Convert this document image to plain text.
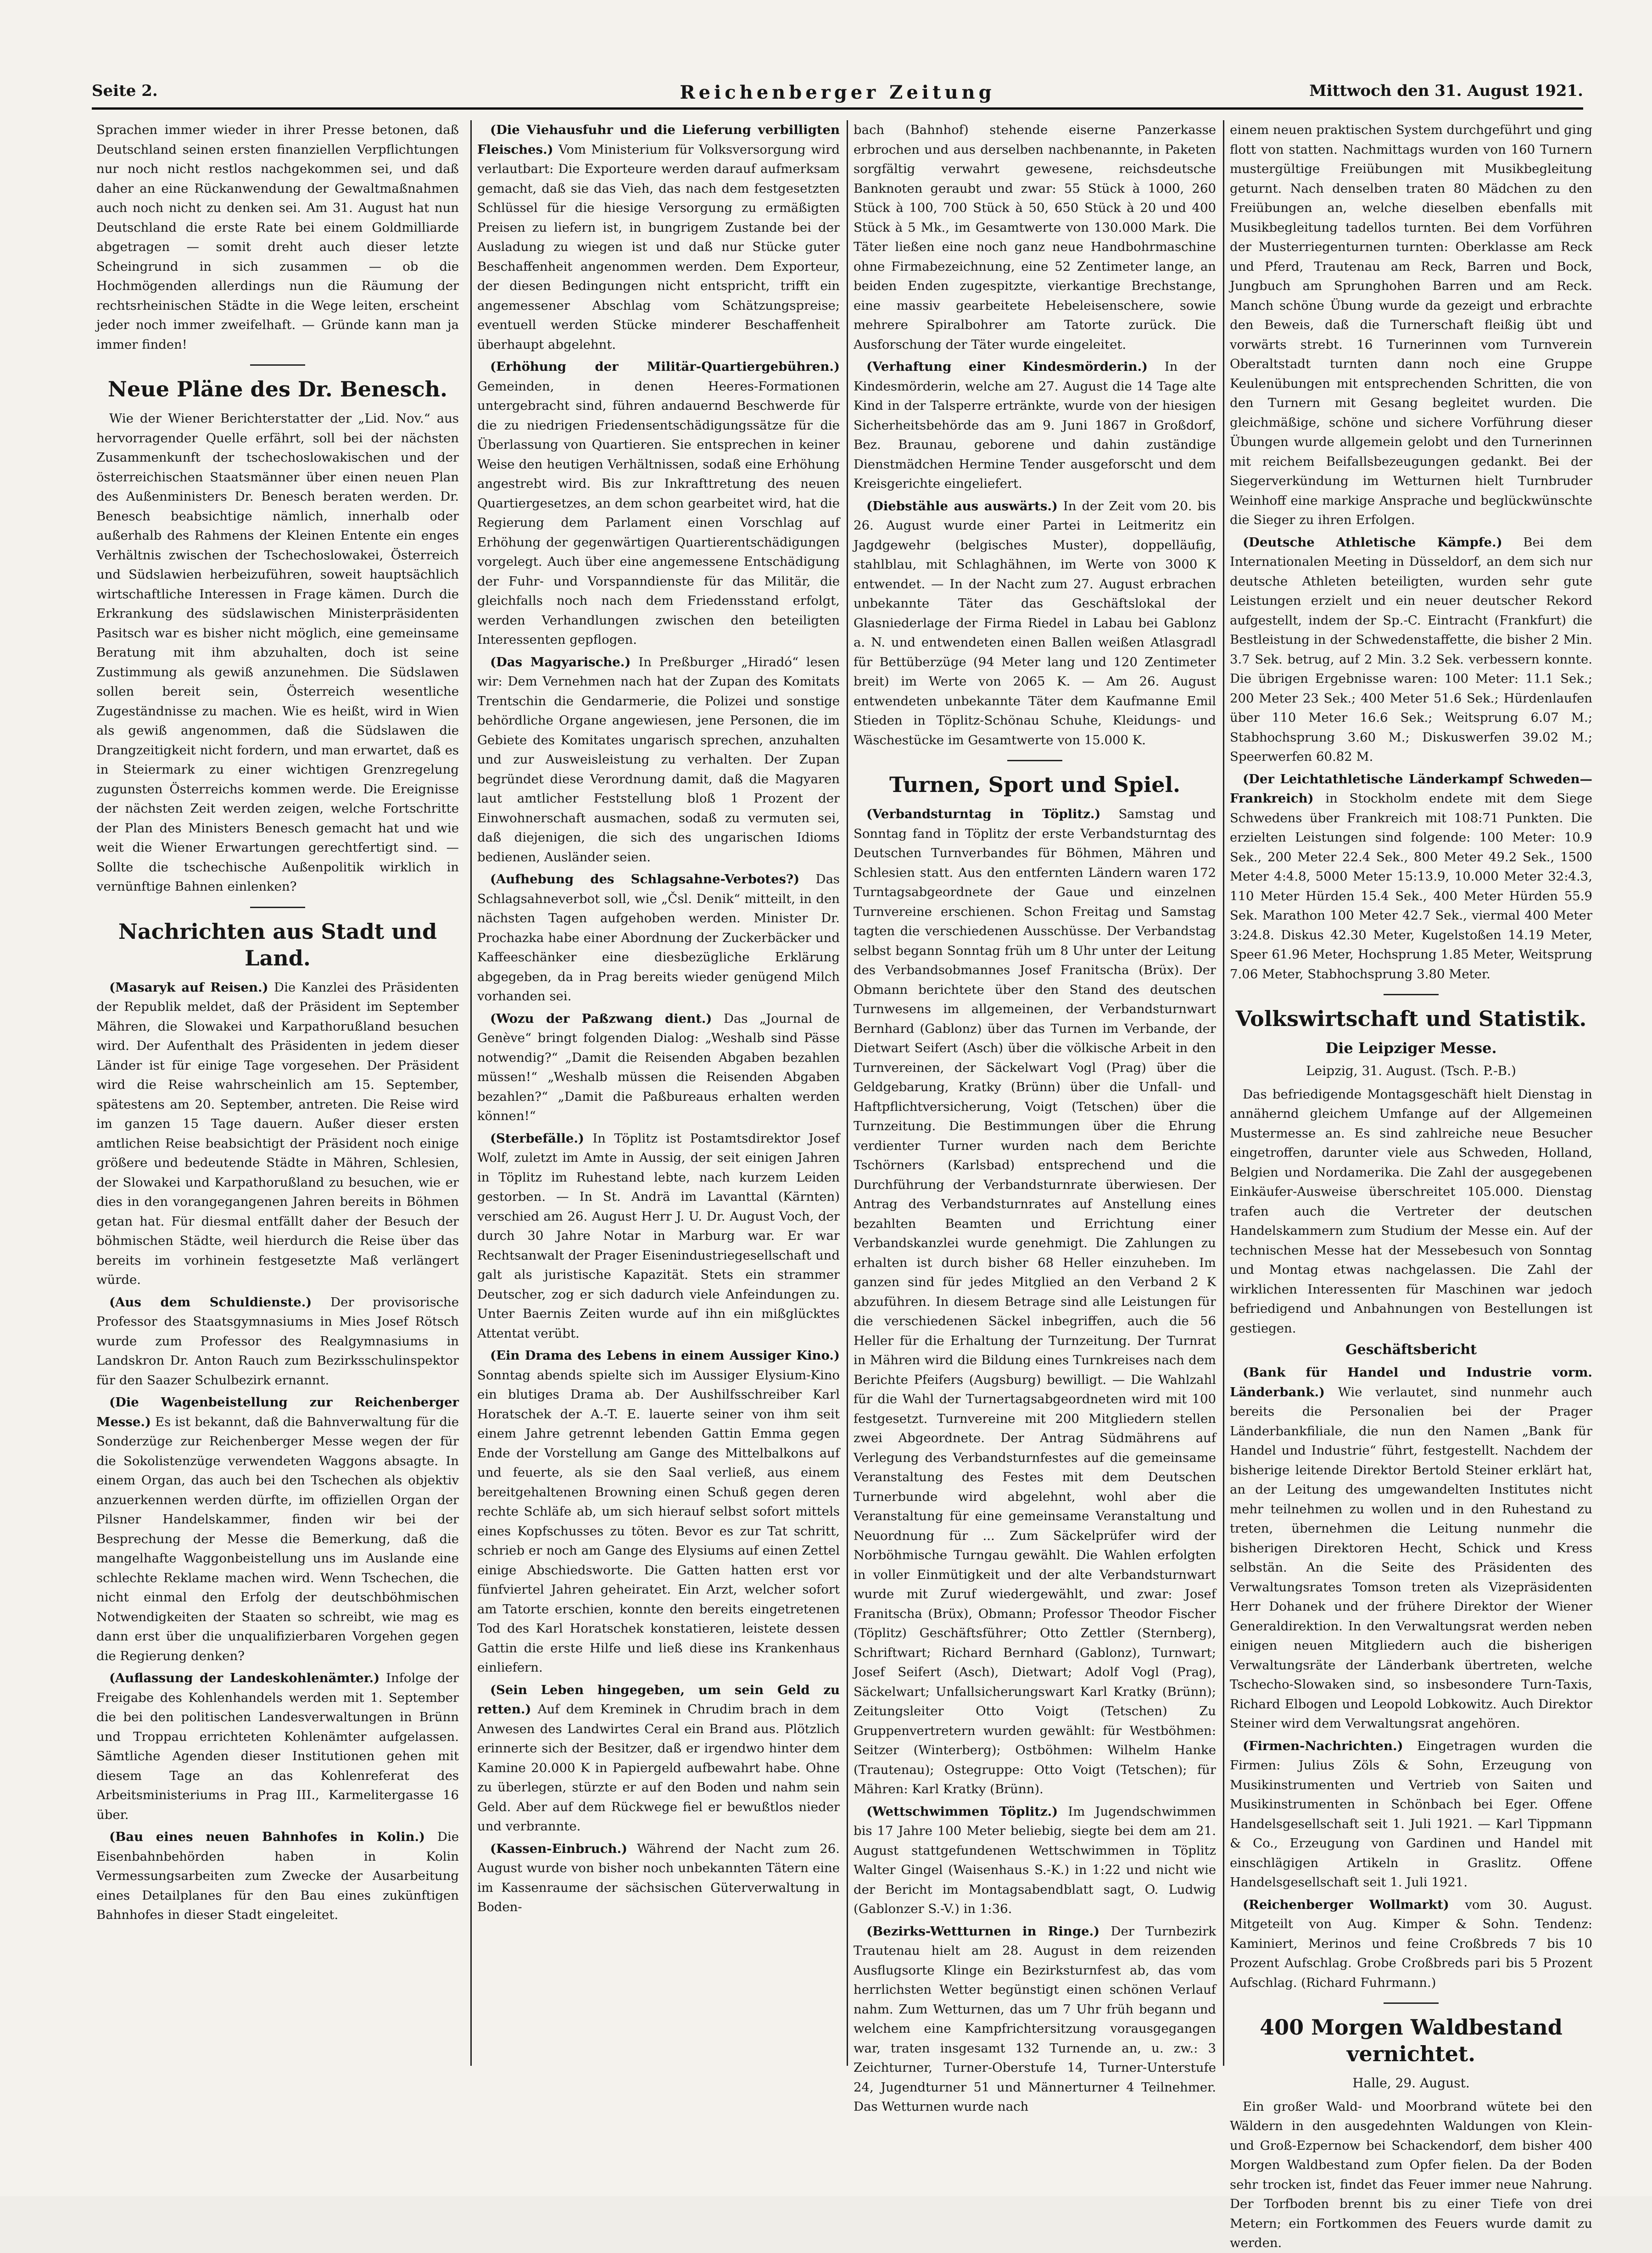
Seite 2.	Reichenberger Zeitung	Mittwoch den 31. August 1921.

Sprachen immer wieder in ihrer Presse betonen, daß Deutschland seinen ersten finanziellen Verpflichtungen nur noch nicht restlos nachgekommen sei, und daß daher an eine Rückanwendung der Gewaltmaßnahmen auch noch nicht zu denken sei. Am 31. August hat nun Deutschland die erste Rate bei einem Goldmilliarde abgetragen — somit dreht auch dieser letzte Scheingrund in sich zusammen — ob die Hochmögenden allerdings nun die Räumung der rechtsrheinischen Städte in die Wege leiten, erscheint jeder noch immer zweifelhaft. — Gründe kann man ja immer finden!

Neue Pläne des Dr. Benesch.

Wie der Wiener Berichterstatter der „Lid. Nov.“ aus hervorragender Quelle erfährt, soll bei der nächsten Zusammenkunft der tschechoslowakischen und der österreichischen Staatsmänner über einen neuen Plan des Außenministers Dr. Benesch beraten werden. Dr. Benesch beabsichtige nämlich, innerhalb oder außerhalb des Rahmens der Kleinen Entente ein enges Verhältnis zwischen der Tschechoslowakei, Österreich und Südslawien herbeizuführen, soweit hauptsächlich wirtschaftliche Interessen in Frage kämen. Durch die Erkrankung des südslawischen Ministerpräsidenten Pasitsch war es bisher nicht möglich, eine gemeinsame Beratung mit ihm abzuhalten, doch ist seine Zustimmung als gewiß anzunehmen. Die Südslawen sollen bereit sein, Österreich wesentliche Zugeständnisse zu machen. Wie es heißt, wird in Wien als gewiß angenommen, daß die Südslawen die Drangzeitigkeit nicht fordern, und man erwartet, daß es in Steiermark zu einer wichtigen Grenzregelung zugunsten Österreichs kommen werde. Die Ereignisse der nächsten Zeit werden zeigen, welche Fortschritte der Plan des Ministers Benesch gemacht hat und wie weit die Wiener Erwartungen gerechtfertigt sind. — Sollte die tschechische Außenpolitik wirklich in vernünftige Bahnen einlenken?

Nachrichten aus Stadt und Land.

(Masaryk auf Reisen.) Die Kanzlei des Präsidenten der Republik meldet, daß der Präsident im September Mähren, die Slowakei und Karpathorußland besuchen wird. Der Aufenthalt des Präsidenten in jedem dieser Länder ist für einige Tage vorgesehen. Der Präsident wird die Reise wahrscheinlich am 15. September, spätestens am 20. September, antreten. Die Reise wird im ganzen 15 Tage dauern. Außer dieser ersten amtlichen Reise beabsichtigt der Präsident noch einige größere und bedeutende Städte in Mähren, Schlesien, der Slowakei und Karpathorußland zu besuchen, wie er dies in den vorangegangenen Jahren bereits in Böhmen getan hat. Für diesmal entfällt daher der Besuch der böhmischen Städte, weil hierdurch die Reise über das bereits im vorhinein festgesetzte Maß verlängert würde.

(Aus dem Schuldienste.) Der provisorische Professor des Staatsgymnasiums in Mies Josef Rötsch wurde zum Professor des Realgymnasiums in Landskron Dr. Anton Rauch zum Bezirksschulinspektor für den Saazer Schulbezirk ernannt.

(Die Wagenbeistellung zur Reichenberger Messe.) Es ist bekannt, daß die Bahnverwaltung für die Sonderzüge zur Reichenberger Messe wegen der für die Sokolistenzüge verwendeten Waggons absagte. In einem Organ, das auch bei den Tschechen als objektiv anzuerkennen werden dürfte, im offiziellen Organ der Pilsner Handelskammer, finden wir bei der Besprechung der Messe die Bemerkung, daß die mangelhafte Waggonbeistellung uns im Auslande eine schlechte Reklame machen wird. Wenn Tschechen, die nicht einmal den Erfolg der deutschböhmischen Notwendigkeiten der Staaten so schreibt, wie mag es dann erst über die unqualifizierbaren Vorgehen gegen die Regierung denken?

(Auflassung der Landeskohlenämter.) Infolge der Freigabe des Kohlenhandels werden mit 1. September die bei den politischen Landesverwaltungen in Brünn und Troppau errichteten Kohlenämter aufgelassen. Sämtliche Agenden dieser Institutionen gehen mit diesem Tage an das Kohlenreferat des Arbeitsministeriums in Prag III., Karmelitergasse 16 über.

(Bau eines neuen Bahnhofes in Kolin.) Die Eisenbahnbehörden haben in Kolin Vermessungsarbeiten zum Zwecke der Ausarbeitung eines Detailplanes für den Bau eines zukünftigen Bahnhofes in dieser Stadt eingeleitet.

(Die Viehausfuhr und die Lieferung verbilligten Fleisches.) Vom Ministerium für Volksversorgung wird verlautbart: Die Exporteure werden darauf aufmerksam gemacht, daß sie das Vieh, das nach dem festgesetzten Schlüssel für die hiesige Versorgung zu ermäßigten Preisen zu liefern ist, in bungrigem Zustande bei der Ausladung zu wiegen ist und daß nur Stücke guter Beschaffenheit angenommen werden. Dem Exporteur, der diesen Bedingungen nicht entspricht, trifft ein angemessener Abschlag vom Schätzungspreise; eventuell werden Stücke minderer Beschaffenheit überhaupt abgelehnt.

(Erhöhung der Militär-Quartiergebühren.) Gemeinden, in denen Heeres-Formationen untergebracht sind, führen andauernd Beschwerde für die zu niedrigen Friedensentschädigungssätze für die Überlassung von Quartieren. Sie entsprechen in keiner Weise den heutigen Verhältnissen, sodaß eine Erhöhung angestrebt wird. Bis zur Inkrafttretung des neuen Quartiergesetzes, an dem schon gearbeitet wird, hat die Regierung dem Parlament einen Vorschlag auf Erhöhung der gegenwärtigen Quartierentschädigungen vorgelegt. Auch über eine angemessene Entschädigung der Fuhr- und Vorspanndienste für das Militär, die gleichfalls noch nach dem Friedensstand erfolgt, werden Verhandlungen zwischen den beteiligten Interessenten gepflogen.

(Das Magyarische.) In Preßburger „Hiradó“ lesen wir: Dem Vernehmen nach hat der Zupan des Komitats Trentschin die Gendarmerie, die Polizei und sonstige behördliche Organe angewiesen, jene Personen, die im Gebiete des Komitates ungarisch sprechen, anzuhalten und zur Ausweisleistung zu verhalten. Der Zupan begründet diese Verordnung damit, daß die Magyaren laut amtlicher Feststellung bloß 1 Prozent der Einwohnerschaft ausmachen, sodaß zu vermuten sei, daß diejenigen, die sich des ungarischen Idioms bedienen, Ausländer seien.

(Aufhebung des Schlagsahne-Verbotes?) Das Schlagsahneverbot soll, wie „Čsl. Denik“ mitteilt, in den nächsten Tagen aufgehoben werden. Minister Dr. Prochazka habe einer Abordnung der Zuckerbäcker und Kaffeeschänker eine diesbezügliche Erklärung abgegeben, da in Prag bereits wieder genügend Milch vorhanden sei.

(Wozu der Paßzwang dient.) Das „Journal de Genève“ bringt folgenden Dialog: „Weshalb sind Pässe notwendig?“ „Damit die Reisenden Abgaben bezahlen müssen!“ „Weshalb müssen die Reisenden Abgaben bezahlen?“ „Damit die Paßbureaus erhalten werden können!“

(Sterbefälle.) In Töplitz ist Postamtsdirektor Josef Wolf, zuletzt im Amte in Aussig, der seit einigen Jahren in Töplitz im Ruhestand lebte, nach kurzem Leiden gestorben. — In St. Andrä im Lavanttal (Kärnten) verschied am 26. August Herr J. U. Dr. August Voch, der durch 30 Jahre Notar in Marburg war. Er war Rechtsanwalt der Prager Eisenindustriegesellschaft und galt als juristische Kapazität. Stets ein strammer Deutscher, zog er sich dadurch viele Anfeindungen zu. Unter Baernis Zeiten wurde auf ihn ein mißglücktes Attentat verübt.

(Ein Drama des Lebens in einem Aussiger Kino.) Sonntag abends spielte sich im Aussiger Elysium-Kino ein blutiges Drama ab. Der Aushilfsschreiber Karl Horatschek der A.-T. E. lauerte seiner von ihm seit einem Jahre getrennt lebenden Gattin Emma gegen Ende der Vorstellung am Gange des Mittelbalkons auf und feuerte, als sie den Saal verließ, aus einem bereitgehaltenen Browning einen Schuß gegen deren rechte Schläfe ab, um sich hierauf selbst sofort mittels eines Kopfschusses zu töten. Bevor es zur Tat schritt, schrieb er noch am Gange des Elysiums auf einen Zettel einige Abschiedsworte. Die Gatten hatten erst vor fünfviertel Jahren geheiratet. Ein Arzt, welcher sofort am Tatorte erschien, konnte den bereits eingetretenen Tod des Karl Horatschek konstatieren, leistete dessen Gattin die erste Hilfe und ließ diese ins Krankenhaus einliefern.

(Sein Leben hingegeben, um sein Geld zu retten.) Auf dem Kreminek in Chrudim brach in dem Anwesen des Landwirtes Ceral ein Brand aus. Plötzlich erinnerte sich der Besitzer, daß er irgendwo hinter dem Kamine 20.000 K in Papiergeld aufbewahrt habe. Ohne zu überlegen, stürzte er auf den Boden und nahm sein Geld. Aber auf dem Rückwege fiel er bewußtlos nieder und verbrannte.

(Kassen-Einbruch.) Während der Nacht zum 26. August wurde von bisher noch unbekannten Tätern eine im Kassenraume der sächsischen Güterverwaltung in Boden-

bach (Bahnhof) stehende eiserne Panzerkasse erbrochen und aus derselben nachbenannte, in Paketen sorgfältig verwahrt gewesene, reichsdeutsche Banknoten geraubt und zwar: 55 Stück à 1000, 260 Stück à 100, 700 Stück à 50, 650 Stück à 20 und 400 Stück à 5 Mk., im Gesamtwerte von 130.000 Mark. Die Täter ließen eine noch ganz neue Handbohrmaschine ohne Firmabezeichnung, eine 52 Zentimeter lange, an beiden Enden zugespitzte, vierkantige Brechstange, eine massiv gearbeitete Hebeleisenschere, sowie mehrere Spiralbohrer am Tatorte zurück. Die Ausforschung der Täter wurde eingeleitet.

(Verhaftung einer Kindesmörderin.) In der Kindesmörderin, welche am 27. August die 14 Tage alte Kind in der Talsperre ertränkte, wurde von der hiesigen Sicherheitsbehörde das am 9. Juni 1867 in Großdorf, Bez. Braunau, geborene und dahin zuständige Dienstmädchen Hermine Tender ausgeforscht und dem Kreisgerichte eingeliefert.

(Diebstähle aus auswärts.) In der Zeit vom 20. bis 26. August wurde einer Partei in Leitmeritz ein Jagdgewehr (belgisches Muster), doppelläufig, stahlblau, mit Schlaghähnen, im Werte von 3000 K entwendet. — In der Nacht zum 27. August erbrachen unbekannte Täter das Geschäftslokal der Glasniederlage der Firma Riedel in Labau bei Gablonz a. N. und entwendeten einen Ballen weißen Atlasgradl für Bettüberzüge (94 Meter lang und 120 Zentimeter breit) im Werte von 2065 K. — Am 26. August entwendeten unbekannte Täter dem Kaufmanne Emil Stieden in Töplitz-Schönau Schuhe, Kleidungs- und Wäschestücke im Gesamtwerte von 15.000 K.

Turnen, Sport und Spiel.

(Verbandsturntag in Töplitz.) Samstag und Sonntag fand in Töplitz der erste Verbandsturntag des Deutschen Turnverbandes für Böhmen, Mähren und Schlesien statt. Aus den entfernten Ländern waren 172 Turntagsabgeordnete der Gaue und einzelnen Turnvereine erschienen. Schon Freitag und Samstag tagten die verschiedenen Ausschüsse. Der Verbandstag selbst begann Sonntag früh um 8 Uhr unter der Leitung des Verbandsobmannes Josef Franitscha (Brüx). Der Obmann berichtete über den Stand des deutschen Turnwesens im allgemeinen, der Verbandsturnwart Bernhard (Gablonz) über das Turnen im Verbande, der Dietwart Seifert (Asch) über die völkische Arbeit in den Turnvereinen, der Säckelwart Vogl (Prag) über die Geldgebarung, Kratky (Brünn) über die Unfall- und Haftpflichtversicherung, Voigt (Tetschen) über die Turnzeitung. Die Bestimmungen über die Ehrung verdienter Turner wurden nach dem Berichte Tschörners (Karlsbad) entsprechend und die Durchführung der Verbandsturnrate überwiesen. Der Antrag des Verbandsturnrates auf Anstellung eines bezahlten Beamten und Errichtung einer Verbandskanzlei wurde genehmigt. Die Zahlungen zu erhalten ist durch bisher 68 Heller einzuheben. Im ganzen sind für jedes Mitglied an den Verband 2 K abzuführen. In diesem Betrage sind alle Leistungen für die verschiedenen Säckel inbegriffen, auch die 56 Heller für die Erhaltung der Turnzeitung. Der Turnrat in Mähren wird die Bildung eines Turnkreises nach dem Berichte Pfeifers (Augsburg) bewilligt. — Die Wahlzahl für die Wahl der Turnertagsabgeordneten wird mit 100 festgesetzt. Turnvereine mit 200 Mitgliedern stellen zwei Abgeordnete. Der Antrag Südmährens auf Verlegung des Verbandsturnfestes auf die gemeinsame Veranstaltung des Festes mit dem Deutschen Turnerbunde wird abgelehnt, wohl aber die Veranstaltung für eine gemeinsame Veranstaltung und Neuordnung für ... Zum Säckelprüfer wird der Norböhmische Turngau gewählt. Die Wahlen erfolgten in voller Einmütigkeit und der alte Verbandsturnwart wurde mit Zuruf wiedergewählt, und zwar: Josef Franitscha (Brüx), Obmann; Professor Theodor Fischer (Töplitz) Geschäftsführer; Otto Zettler (Sternberg), Schriftwart; Richard Bernhard (Gablonz), Turnwart; Josef Seifert (Asch), Dietwart; Adolf Vogl (Prag), Säckelwart; Unfallsicherungswart Karl Kratky (Brünn); Zeitungsleiter Otto Voigt (Tetschen) Zu Gruppenvertretern wurden gewählt: für Westböhmen: Seitzer (Winterberg); Ostböhmen: Wilhelm Hanke (Trautenau); Ostegruppe: Otto Voigt (Tetschen); für Mähren: Karl Kratky (Brünn).

(Wettschwimmen Töplitz.) Im Jugendschwimmen bis 17 Jahre 100 Meter beliebig, siegte bei dem am 21. August stattgefundenen Wettschwimmen in Töplitz Walter Gingel (Waisenhaus S.-K.) in 1:22 und nicht wie der Bericht im Montagsabendblatt sagt, O. Ludwig (Gablonzer S.-V.) in 1:36.

(Bezirks-Wettturnen in Ringe.) Der Turnbezirk Trautenau hielt am 28. August in dem reizenden Ausflugsorte Klinge ein Bezirksturnfest ab, das vom herrlichsten Wetter begünstigt einen schönen Verlauf nahm. Zum Wetturnen, das um 7 Uhr früh begann und welchem eine Kampfrichtersitzung vorausgegangen war, traten insgesamt 132 Turnende an, u. zw.: 3 Zeichturner, Turner-Oberstufe 14, Turner-Unterstufe 24, Jugendturner 51 und Männerturner 4 Teilnehmer. Das Wetturnen wurde nach

einem neuen praktischen System durchgeführt und ging flott von statten. Nachmittags wurden von 160 Turnern mustergültige Freiübungen mit Musikbegleitung geturnt. Nach denselben traten 80 Mädchen zu den Freiübungen an, welche dieselben ebenfalls mit Musikbegleitung tadellos turnten. Bei dem Vorführen der Musterriegenturnen turnten: Oberklasse am Reck und Pferd, Trautenau am Reck, Barren und Bock, Jungbuch am Sprunghohen Barren und am Reck. Manch schöne Übung wurde da gezeigt und erbrachte den Beweis, daß die Turnerschaft fleißig übt und vorwärts strebt. 16 Turnerinnen vom Turnverein Oberaltstadt turnten dann noch eine Gruppe Keulenübungen mit entsprechenden Schritten, die von den Turnern mit Gesang begleitet wurden. Die gleichmäßige, schöne und sichere Vorführung dieser Übungen wurde allgemein gelobt und den Turnerinnen mit reichem Beifallsbezeugungen gedankt. Bei der Siegerverkündung im Wetturnen hielt Turnbruder Weinhoff eine markige Ansprache und beglückwünschte die Sieger zu ihren Erfolgen.

(Deutsche Athletische Kämpfe.) Bei dem Internationalen Meeting in Düsseldorf, an dem sich nur deutsche Athleten beteiligten, wurden sehr gute Leistungen erzielt und ein neuer deutscher Rekord aufgestellt, indem der Sp.-C. Eintracht (Frankfurt) die Bestleistung in der Schwedenstaffette, die bisher 2 Min. 3.7 Sek. betrug, auf 2 Min. 3.2 Sek. verbessern konnte. Die übrigen Ergebnisse waren: 100 Meter: 11.1 Sek.; 200 Meter 23 Sek.; 400 Meter 51.6 Sek.; Hürdenlaufen über 110 Meter 16.6 Sek.; Weitsprung 6.07 M.; Stabhochsprung 3.60 M.; Diskuswerfen 39.02 M.; Speerwerfen 60.82 M.

(Der Leichtathletische Länderkampf Schweden—Frankreich) in Stockholm endete mit dem Siege Schwedens über Frankreich mit 108:71 Punkten. Die erzielten Leistungen sind folgende: 100 Meter: 10.9 Sek., 200 Meter 22.4 Sek., 800 Meter 49.2 Sek., 1500 Meter 4:4.8, 5000 Meter 15:13.9, 10.000 Meter 32:4.3, 110 Meter Hürden 15.4 Sek., 400 Meter Hürden 55.9 Sek. Marathon 100 Meter 42.7 Sek., viermal 400 Meter 3:24.8. Diskus 42.30 Meter, Kugelstoßen 14.19 Meter, Speer 61.96 Meter, Hochsprung 1.85 Meter, Weitsprung 7.06 Meter, Stabhochsprung 3.80 Meter.

Volkswirtschaft und Statistik.
Die Leipziger Messe.
Leipzig, 31. August. (Tsch. P.-B.)

Das befriedigende Montagsgeschäft hielt Dienstag in annähernd gleichem Umfange auf der Allgemeinen Mustermesse an. Es sind zahlreiche neue Besucher eingetroffen, darunter viele aus Schweden, Holland, Belgien und Nordamerika. Die Zahl der ausgegebenen Einkäufer-Ausweise überschreitet 105.000. Dienstag trafen auch die Vertreter der deutschen Handelskammern zum Studium der Messe ein. Auf der technischen Messe hat der Messebesuch von Sonntag und Montag etwas nachgelassen. Die Zahl der wirklichen Interessenten für Maschinen war jedoch befriedigend und Anbahnungen von Bestellungen ist gestiegen.

Geschäftsbericht

(Bank für Handel und Industrie vorm. Länderbank.) Wie verlautet, sind nunmehr auch bereits die Personalien bei der Prager Länderbankfiliale, die nun den Namen „Bank für Handel und Industrie“ führt, festgestellt. Nachdem der bisherige leitende Direktor Bertold Steiner erklärt hat, an der Leitung des umgewandelten Institutes nicht mehr teilnehmen zu wollen und in den Ruhestand zu treten, übernehmen die Leitung nunmehr die bisherigen Direktoren Hecht, Schick und Kress selbstän. An die Seite des Präsidenten des Verwaltungsrates Tomson treten als Vizepräsidenten Herr Dohanek und der frühere Direktor der Wiener Generaldirektion. In den Verwaltungsrat werden neben einigen neuen Mitgliedern auch die bisherigen Verwaltungsräte der Länderbank übertreten, welche Tschecho-Slowaken sind, so insbesondere Turn-Taxis, Richard Elbogen und Leopold Lobkowitz. Auch Direktor Steiner wird dem Verwaltungsrat angehören.

(Firmen-Nachrichten.) Eingetragen wurden die Firmen: Julius Zöls & Sohn, Erzeugung von Musikinstrumenten und Vertrieb von Saiten und Musikinstrumenten in Schönbach bei Eger. Offene Handelsgesellschaft seit 1. Juli 1921. — Karl Tippmann & Co., Erzeugung von Gardinen und Handel mit einschlägigen Artikeln in Graslitz. Offene Handelsgesellschaft seit 1. Juli 1921.

(Reichenberger Wollmarkt) vom 30. August. Mitgeteilt von Aug. Kimper & Sohn. Tendenz: Kaminiert, Merinos und feine Croßbreds 7 bis 10 Prozent Aufschlag. Grobe Croßbreds pari bis 5 Prozent Aufschlag. (Richard Fuhrmann.)

400 Morgen Waldbestand vernichtet.
Halle, 29. August.

Ein großer Wald- und Moorbrand wütete bei den Wäldern in den ausgedehnten Waldungen von Klein- und Groß-Ezpernow bei Schackendorf, dem bisher 400 Morgen Waldbestand zum Opfer fielen. Da der Boden sehr trocken ist, findet das Feuer immer neue Nahrung. Der Torfboden brennt bis zu einer Tiefe von drei Metern; ein Fortkommen des Feuers wurde damit zu werden.
